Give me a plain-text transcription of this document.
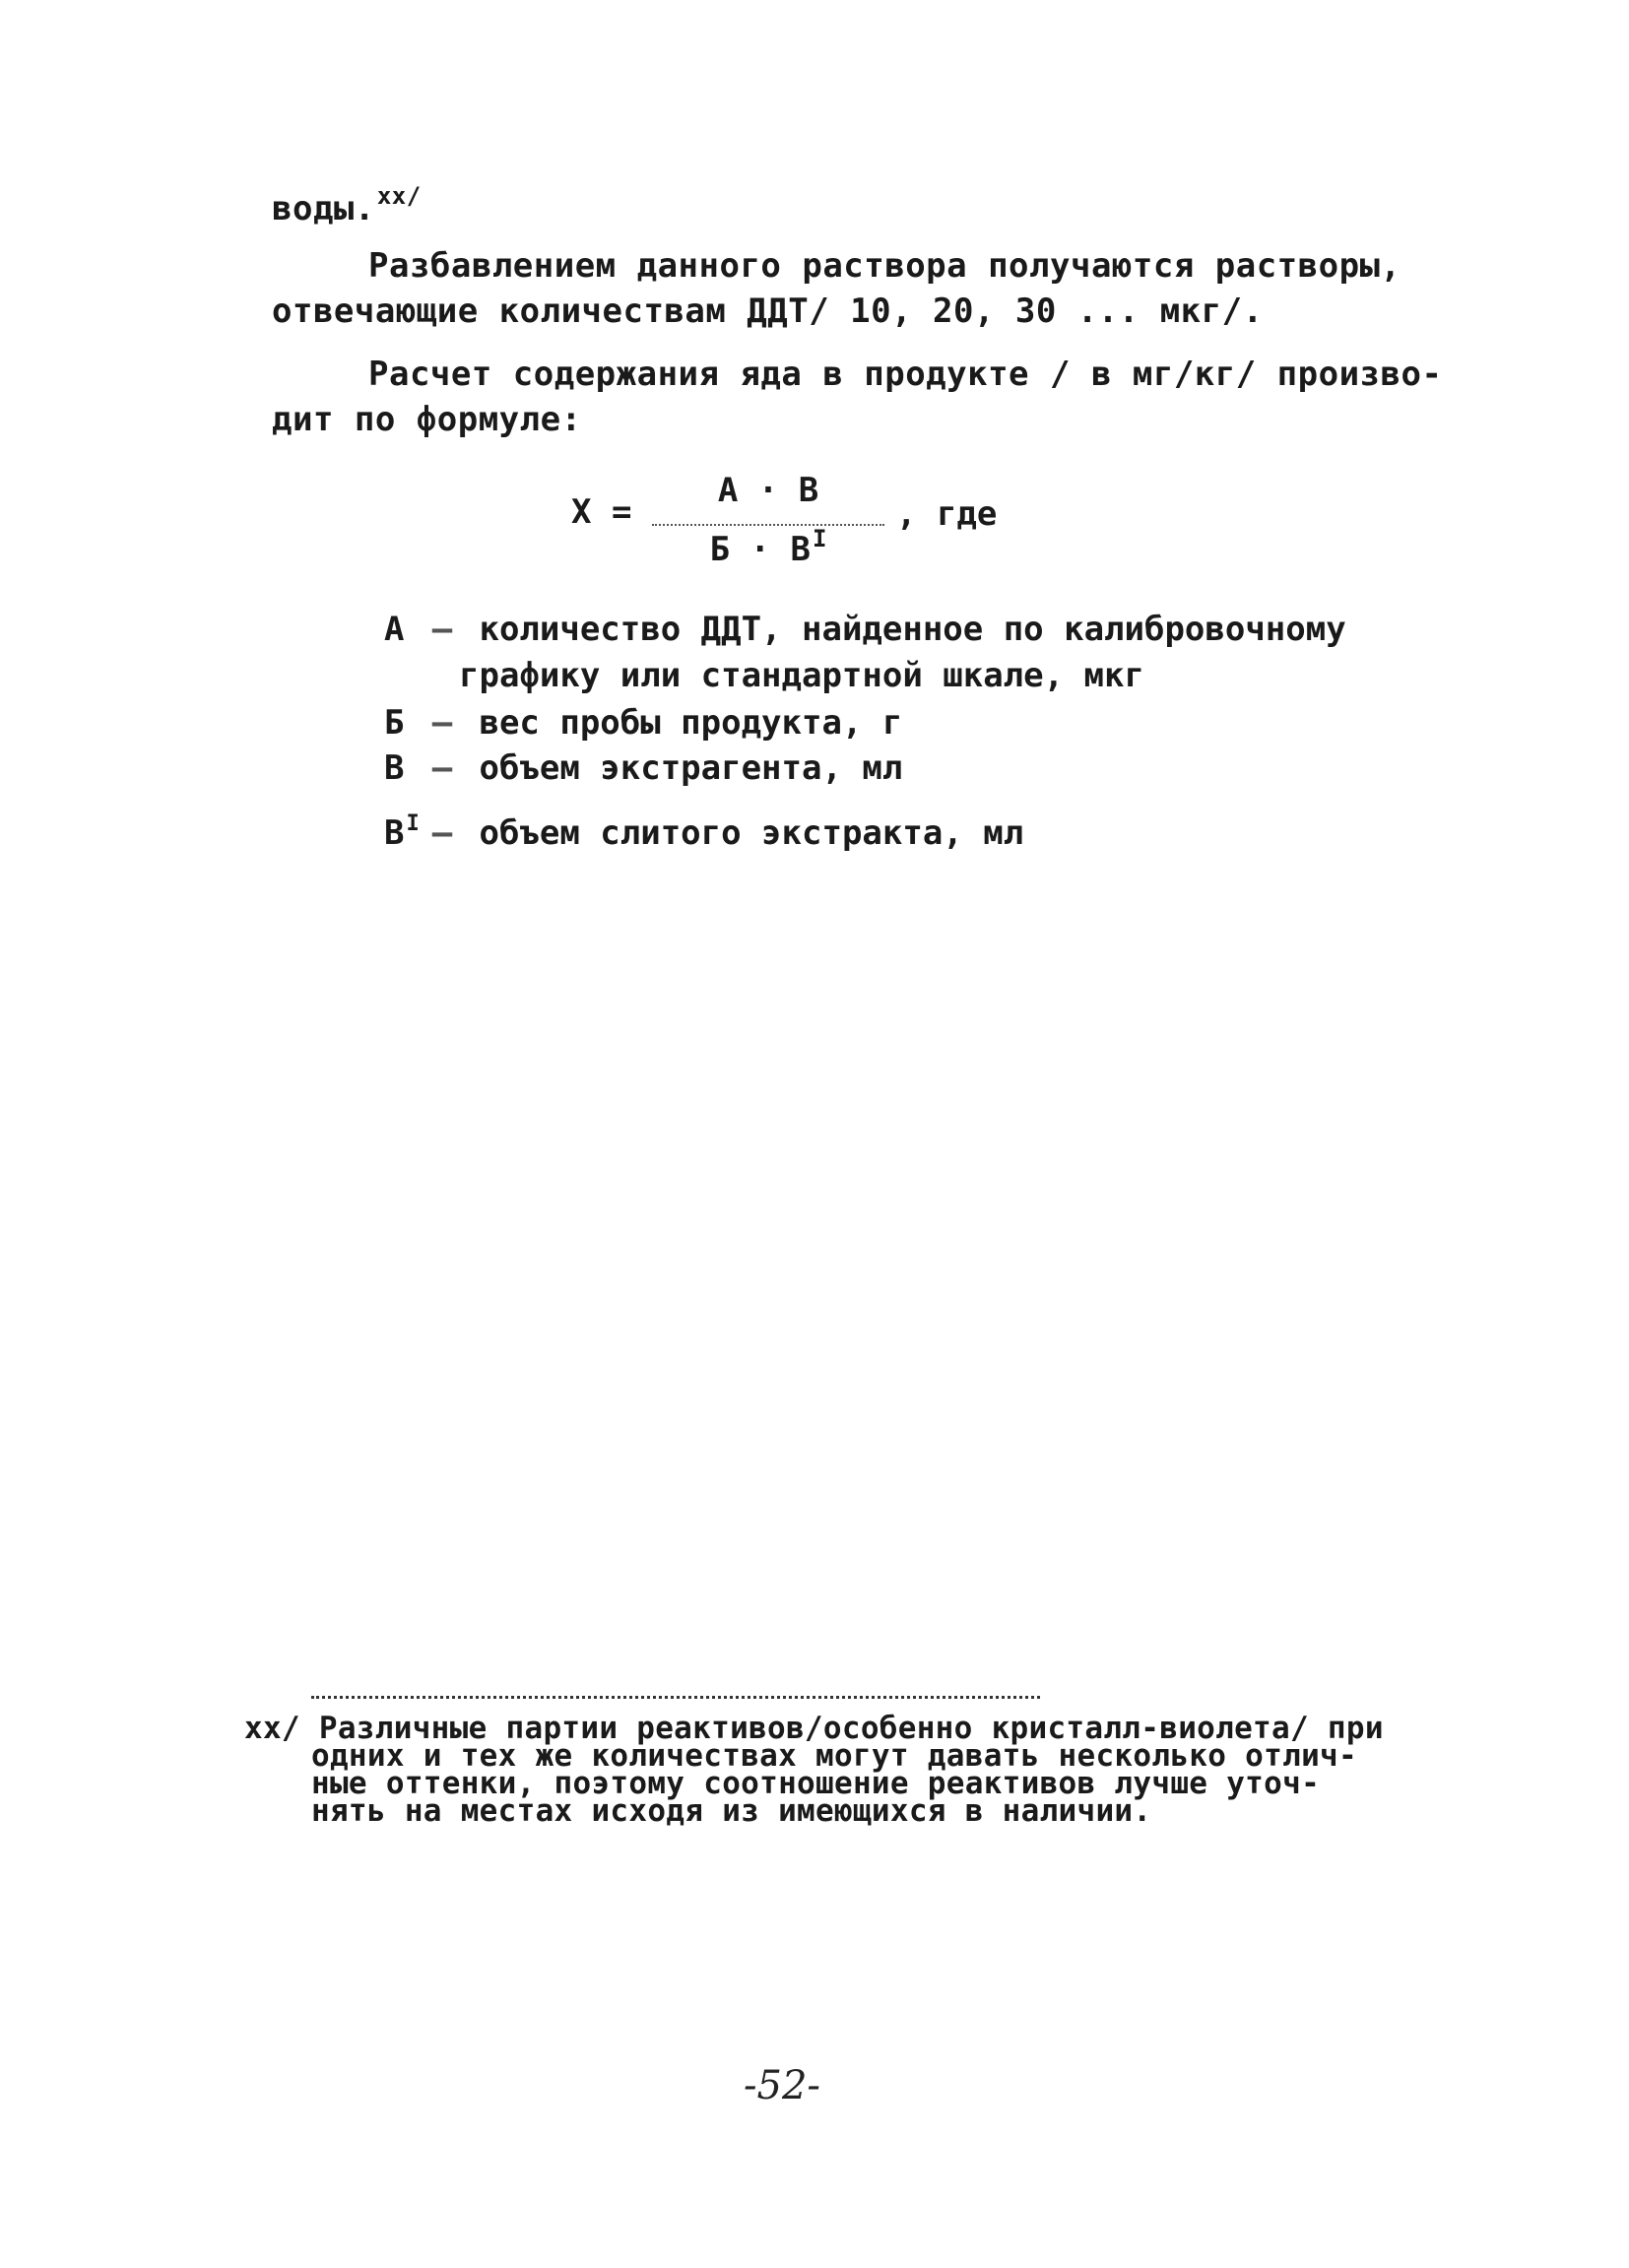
воды.$^{хх/}$
Разбавлением данного раствора получаются растворы,
отвечающие количествам ДДТ/ 10, 20, 30 ... мкг/.
Расчет содержания яда в продукте / в мг/кг/ произво-
дит по формуле:
Х =
А · В
$Б \cdot В^I$
, где
А – количество ДДТ, найденное по калибровочному
графику или стандартной шкале, мкг
Б – вес пробы продукта, г
В – объем экстрагента, мл
$В^I$ – объем слитого экстракта, мл
хх/ Различные партии реактивов/особенно кристалл-виолета/ при
одних и тех же количествах могут давать несколько отлич-
ные оттенки, поэтому соотношение реактивов лучше уточ-
нять на местах исходя из имеющихся в наличии.
-52-
